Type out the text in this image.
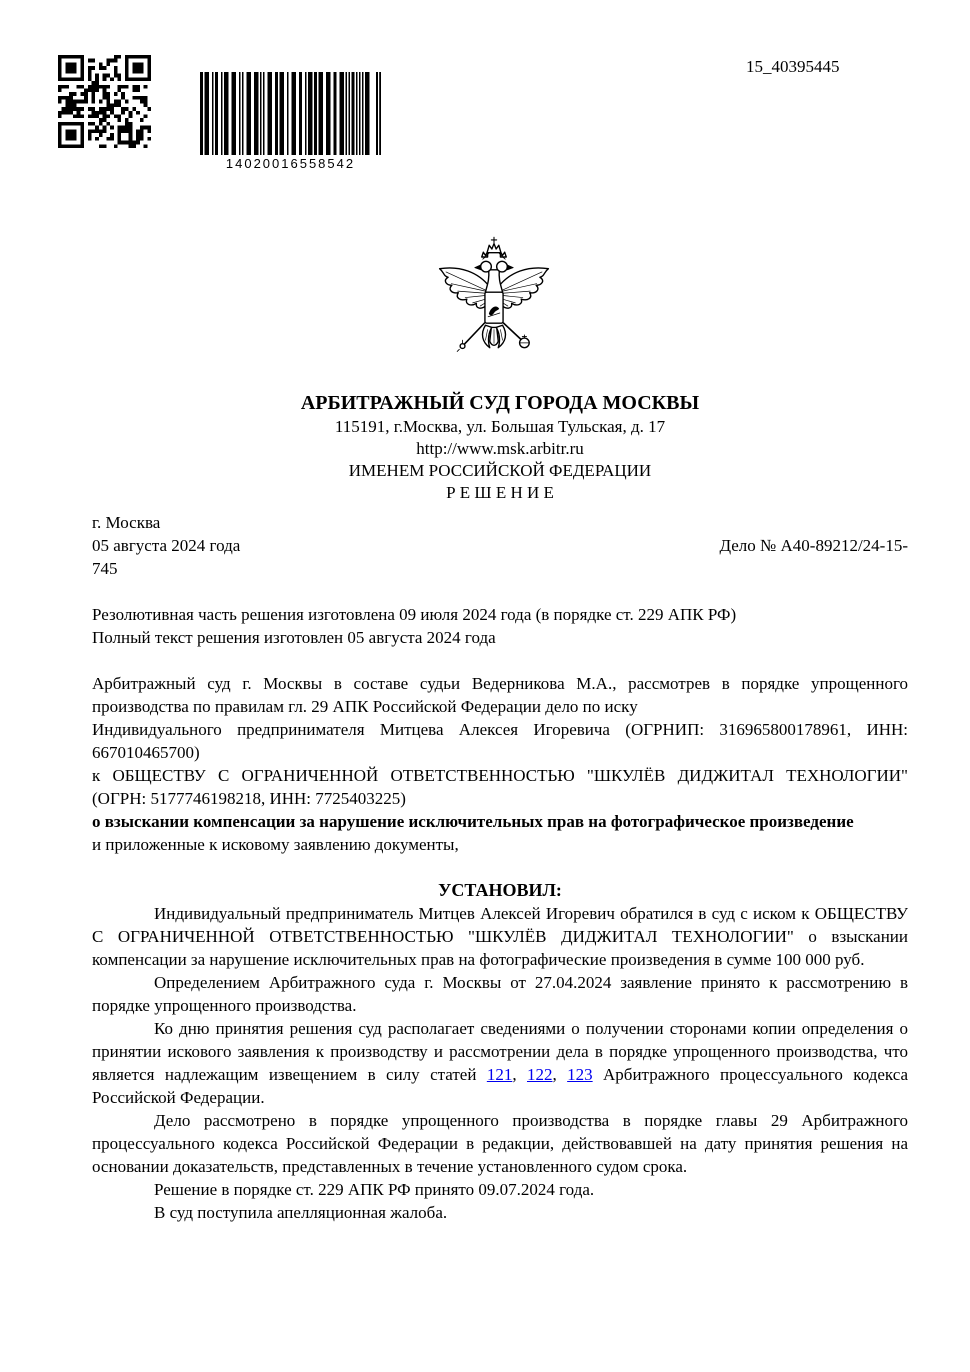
14020016558542
15_40395445
АРБИТРАЖНЫЙ СУД ГОРОДА МОСКВЫ
115191, г.Москва, ул. Большая Тульская, д. 17
http://www.msk.arbitr.ru
ИМЕНЕМ РОССИЙСКОЙ ФЕДЕРАЦИИ
Р Е Ш Е Н И Е
г. Москва
05 августа 2024 года	Дело № А40-89212/24-15-
745

Резолютивная часть решения изготовлена 09 июля 2024 года (в порядке ст. 229 АПК РФ)

Полный текст решения изготовлен 05 августа 2024 года

Арбитражный суд г. Москвы в составе судьи Ведерникова М.А., рассмотрев в порядке упрощенного производства по правилам гл. 29 АПК Российской Федерации дело по иску

Индивидуального предпринимателя Митцева Алексея Игоревича (ОГРНИП: 316965800178961, ИНН: 667010465700)

к ОБЩЕСТВУ С ОГРАНИЧЕННОЙ ОТВЕТСТВЕННОСТЬЮ "ШКУЛЁВ ДИДЖИТАЛ ТЕХНОЛОГИИ" (ОГРН: 5177746198218, ИНН: 7725403225)

о взыскании компенсации за нарушение исключительных прав на фотографическое произведение

и приложенные к исковому заявлению документы,

УСТАНОВИЛ:

Индивидуальный предприниматель Митцев Алексей Игоревич обратился в суд с иском к ОБЩЕСТВУ С ОГРАНИЧЕННОЙ ОТВЕТСТВЕННОСТЬЮ "ШКУЛЁВ ДИДЖИТАЛ ТЕХНОЛОГИИ" о взыскании компенсации за нарушение исключительных прав на фотографические произведения в сумме 100 000 руб.

Определением Арбитражного суда г. Москвы от 27.04.2024 заявление принято к рассмотрению в порядке упрощенного производства.

Ко дню принятия решения суд располагает сведениями о получении сторонами копии определения о принятии искового заявления к производству и рассмотрении дела в порядке упрощенного производства, что является надлежащим извещением в силу статей 121, 122, 123 Арбитражного процессуального кодекса Российской Федерации.

Дело рассмотрено в порядке упрощенного производства в порядке главы 29 Арбитражного процессуального кодекса Российской Федерации в редакции, действовавшей на дату принятия решения на основании доказательств, представленных в течение установленного судом срока.

Решение в порядке ст. 229 АПК РФ принято 09.07.2024 года.

В суд поступила апелляционная жалоба.
